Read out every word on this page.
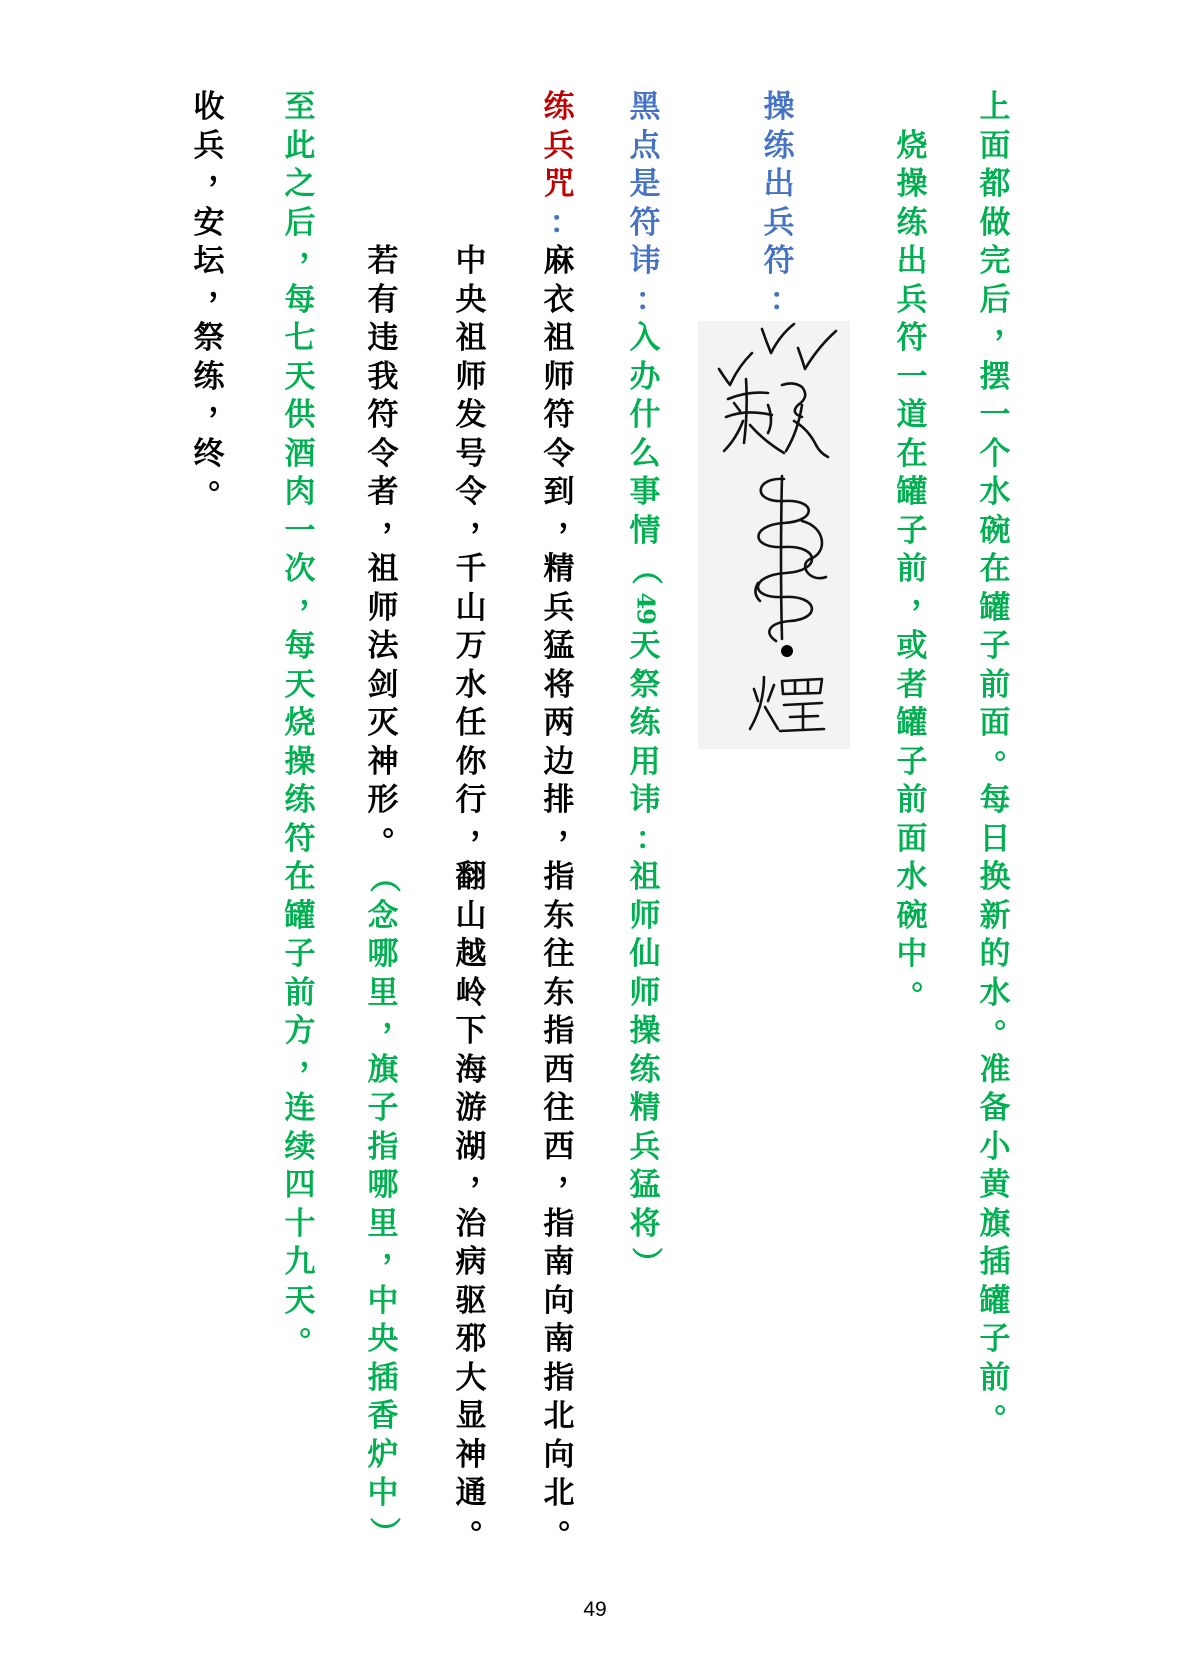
上
面
都
做
完
后
，
摆
一
个
水
碗
在
罐
子
前
面
。
每
日
换
新
的
水
。
准
备
小
黄
旗
插
罐
子
前
。
烧
操
练
出
兵
符
一
道
在
罐
子
前
，
或
者
罐
子
前
面
水
碗
中
。
操
练
出
兵
符
：
黑
点
是
符
讳
：
入
办
什
么
事
情
（
49
天
祭
练
用
讳
：
祖
师
仙
师
操
练
精
兵
猛
将
）
练
兵
咒
：
麻
衣
祖
师
符
令
到
，
精
兵
猛
将
两
边
排
，
指
东
往
东
指
西
往
西
，
指
南
向
南
指
北
向
北
。
中
央
祖
师
发
号
令
，
千
山
万
水
任
你
行
，
翻
山
越
岭
下
海
游
湖
，
治
病
驱
邪
大
显
神
通
。
若
有
违
我
符
令
者
，
祖
师
法
剑
灭
神
形
。
（
念
哪
里
，
旗
子
指
哪
里
，
中
央
插
香
炉
中
）
至
此
之
后
，
每
七
天
供
酒
肉
一
次
，
每
天
烧
操
练
符
在
罐
子
前
方
，
连
续
四
十
九
天
。
收
兵
，
安
坛
，
祭
练
，
终
。
49
